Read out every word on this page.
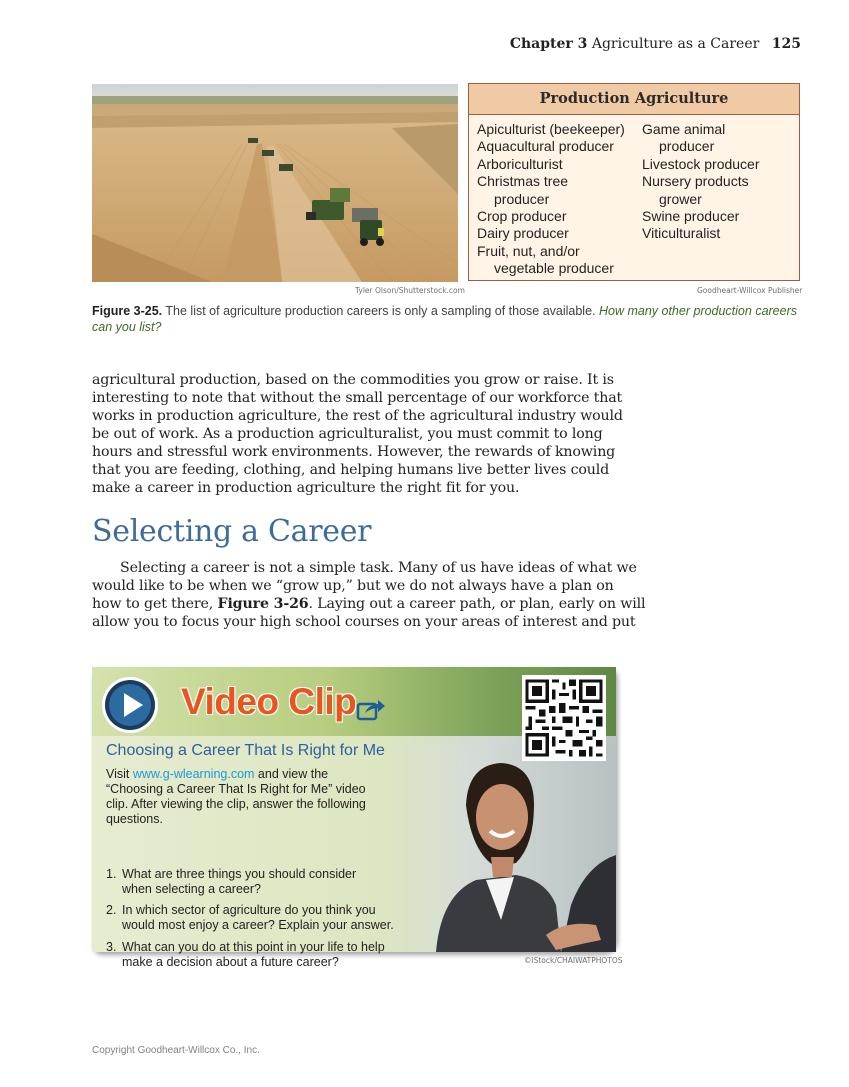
Chapter 3 Agriculture as a Career 125
Tyler Olson/Shutterstock.com
Production Agriculture
Apiculturist (beekeeper)
Aquacultural producer
Arboriculturist
Christmas tree
producer
Crop producer
Dairy producer
Fruit, nut, and/or
vegetable producer
Game animal
producer
Livestock producer
Nursery products
grower
Swine producer
Viticulturalist
Goodheart-Willcox Publisher
Figure 3-25. The list of agriculture production careers is only a sampling of those available. How many other production careers can you list?
agricultural production, based on the commodities you grow or raise. It is
interesting to note that without the small percentage of our workforce that
works in production agriculture, the rest of the agricultural industry would
be out of work. As a production agriculturalist, you must commit to long
hours and stressful work environments. However, the rewards of knowing
that you are feeding, clothing, and helping humans live better lives could
make a career in production agriculture the right fit for you.
Selecting a Career
Selecting a career is not a simple task. Many of us have ideas of what we
would like to be when we “grow up,” but we do not always have a plan on
how to get there, Figure 3-26. Laying out a career path, or plan, early on will
allow you to focus your high school courses on your areas of interest and put
Video Clip
Choosing a Career That Is Right for Me
Visit www.g-wlearning.com and view the
“Choosing a Career That Is Right for Me” video
clip. After viewing the clip, answer the following
questions.
1. What are three things you should consider
when selecting a career?
2. In which sector of agriculture do you think you
would most enjoy a career? Explain your answer.
3. What can you do at this point in your life to help
make a decision about a future career?	©iStock/CHAIWATPHOTOS
Copyright Goodheart-Willcox Co., Inc.
